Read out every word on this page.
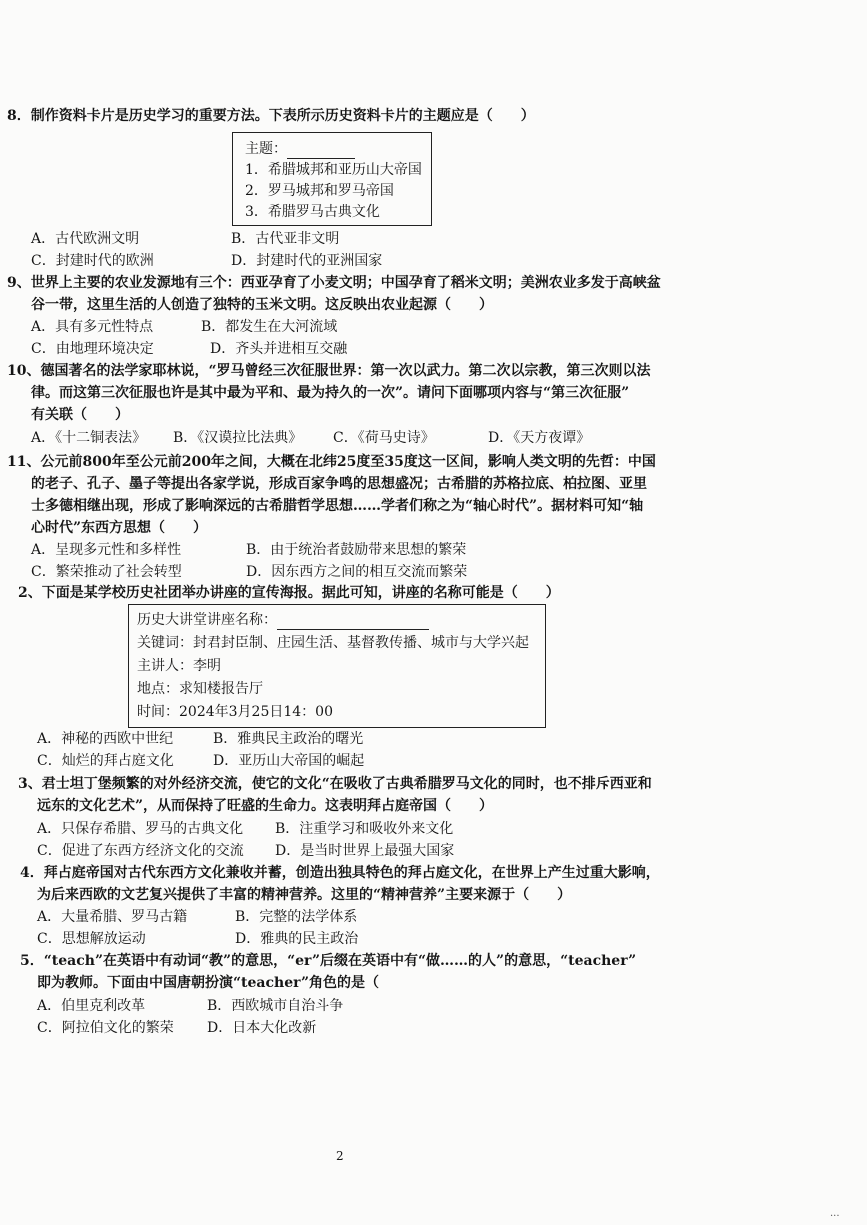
8．制作资料卡片是历史学习的重要方法。下表所示历史资料卡片的主题应是（　　）
主题：
1．希腊城邦和亚历山大帝国
2．罗马城邦和罗马帝国
3．希腊罗马古典文化
A．古代欧洲文明	B．古代亚非文明
C．封建时代的欧洲	D．封建时代的亚洲国家
9、世界上主要的农业发源地有三个：西亚孕育了小麦文明；中国孕育了稻米文明；美洲农业多发于高峡盆
谷一带，这里生活的人创造了独特的玉米文明。这反映出农业起源（　　）
A．具有多元性特点	B．都发生在大河流域
C．由地理环境决定	D．齐头并进相互交融
10、德国著名的法学家耶林说，“罗马曾经三次征服世界：第一次以武力。第二次以宗教，第三次则以法
律。而这第三次征服也许是其中最为平和、最为持久的一次”。请问下面哪项内容与“第三次征服”
有关联（　　）
A．《十二铜表法》 B．《汉谟拉比法典》 C．《荷马史诗》	D．《天方夜谭》
11、公元前800年至公元前200年之间，大概在北纬25度至35度这一区间，影响人类文明的先哲：中国
的老子、孔子、墨子等提出各家学说，形成百家争鸣的思想盛况；古希腊的苏格拉底、柏拉图、亚里
士多德相继出现，形成了影响深远的古希腊哲学思想……学者们称之为“轴心时代”。据材料可知“轴
心时代”东西方思想（　　）
A．呈现多元性和多样性	B．由于统治者鼓励带来思想的繁荣
C．繁荣推动了社会转型	D．因东西方之间的相互交流而繁荣
2、下面是某学校历史社团举办讲座的宣传海报。据此可知，讲座的名称可能是（　　）
历史大讲堂讲座名称：
关键词：封君封臣制、庄园生活、基督教传播、城市与大学兴起
主讲人：李明
地点：求知楼报告厅
时间：2024年3月25日14：00
A．神秘的西欧中世纪	B．雅典民主政治的曙光
C．灿烂的拜占庭文化	D．亚历山大帝国的崛起
3、君士坦丁堡频繁的对外经济交流，使它的文化“在吸收了古典希腊罗马文化的同时，也不排斥西亚和
远东的文化艺术”，从而保持了旺盛的生命力。这表明拜占庭帝国（　　）
A．只保存希腊、罗马的古典文化 B．注重学习和吸收外来文化
C．促进了东西方经济文化的交流 D．是当时世界上最强大国家
4．拜占庭帝国对古代东西方文化兼收并蓄，创造出独具特色的拜占庭文化，在世界上产生过重大影响，
为后来西欧的文艺复兴提供了丰富的精神营养。这里的“精神营养”主要来源于（　　）
A．大量希腊、罗马古籍	B．完整的法学体系
C．思想解放运动	D．雅典的民主政治
5．“teach”在英语中有动词“教”的意思，“er”后缀在英语中有“做……的人”的意思，“teacher”
即为教师。下面由中国唐朝扮演“teacher”角色的是（
A．伯里克利改革	B．西欧城市自治斗争
C．阿拉伯文化的繁荣 D．日本大化改新
2
...
